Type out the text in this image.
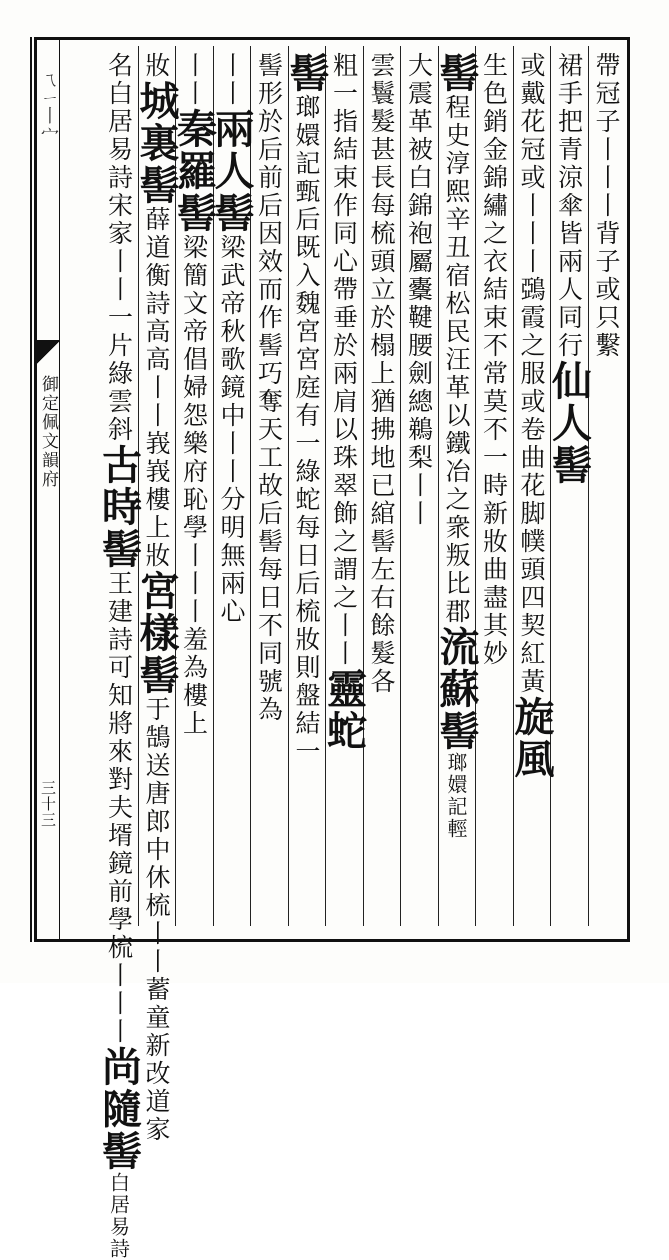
ㄟㄧ丨宀
御定佩文韻府
三十三
帶冠子丨丨丨背子或只繫
裙手把青涼傘皆兩人同行仙人髻
或戴花冠或丨丨丨鵶霞之服或卷曲花脚幞頭四契紅黃旋風
生色銷金錦繡之衣結束不常莫不一時新妝曲盡其妙
髻程史淳熙辛丑宿松民汪革以鐵冶之衆叛比郡流蘇髻瑯嬛記輕
大震革被白錦袍屬櫜鞬腰劍總鵜梨丨丨
雲鬟髮甚長每梳頭立於榻上猶拂地已綰髻左右餘髮各
粗一指結束作同心帶垂於兩肩以珠翠飾之謂之丨丨靈蛇
髻瑯嬛記甄后既入魏宮宮庭有一綠蛇每日后梳妝則盤結一
髻形於后前后因效而作髻巧奪天工故后髻每日不同號為
丨丨兩人髻梁武帝秋歌鏡中丨丨分明無兩心
丨丨秦羅髻梁簡文帝倡婦怨樂府恥學丨丨丨羞為樓上
妝城裏髻薛道衡詩高高丨丨峩峩樓上妝宮樣髻于鵠送唐郎中休梳丨丨蓄童新改道家
名白居易詩宋家丨丨一片綠雲斜古時髻王建詩可知將來對夫壻鏡前學梳丨丨丨尚隨髻白居易詩
